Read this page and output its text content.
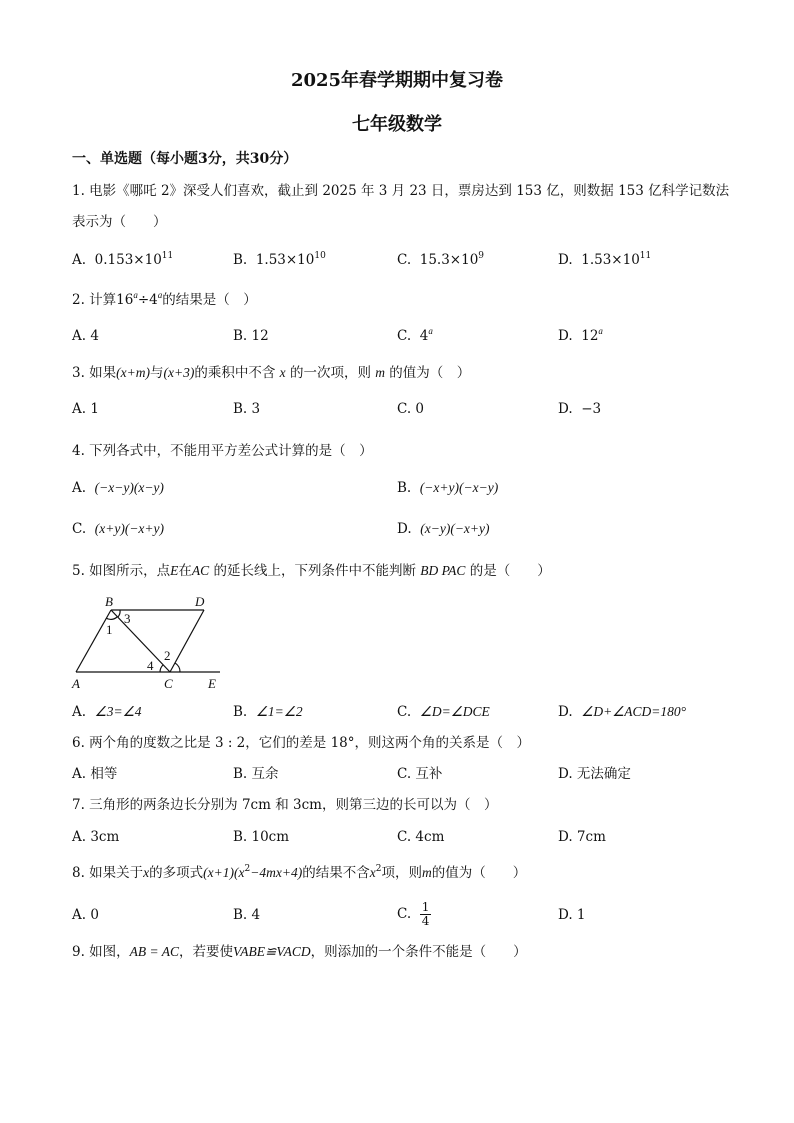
2025年春学期期中复习卷
七年级数学
一、单选题（每小题3分，共30分）
1. 电影《哪吒 2》深受人们喜欢，截止到 2025 年 3 月 23 日，票房达到 153 亿，则数据 153 亿科学记数法
表示为（　　）
A. $0.153\times 10^{11}$	B. $1.53\times 10^{10}$	C. $15.3\times 10^9$	D. $1.53\times 10^{11}$
2. 计算$16^a\div 4^a$的结果是（　）
A. 4	B. 12	C. 4$^a$	D. 12$^a$
3. 如果(x+m)与(x+3)的乘积中不含 x 的一次项，则 m 的值为（　）
A. 1	B. 3	C. 0	D. −3
4. 下列各式中，不能用平方差公式计算的是（　）
A. (−x−y)(x−y)	B. (−x+y)(−x−y)
C. (x+y)(−x+y)	D. (x−y)(−x+y)
5. 如图所示，点E在AC 的延长线上，下列条件中不能判断 BD PAC 的是（　　）
B	D
A	C	E
1
3
4
2
A. ∠3=∠4	B. ∠1=∠2	C. ∠D=∠DCE	D. ∠D+∠ACD=180°
6. 两个角的度数之比是 3 : 2，它们的差是 18°，则这两个角的关系是（　）
A. 相等	B. 互余	C. 互补	D. 无法确定
7. 三角形的两条边长分别为 7cm 和 3cm，则第三边的长可以为（　）
A. 3cm	B. 10cm	C. 4cm	D. 7cm
8. 如果关于x的多项式$(x+1)(x^2-4mx+4)$的结果不含$x^2$项，则m的值为（　　）
A. 0	B. 4	C. $\frac{1}{4}$	D. 1
9. 如图，AB = AC，若要使VABE≌VACD，则添加的一个条件不能是（　　）
